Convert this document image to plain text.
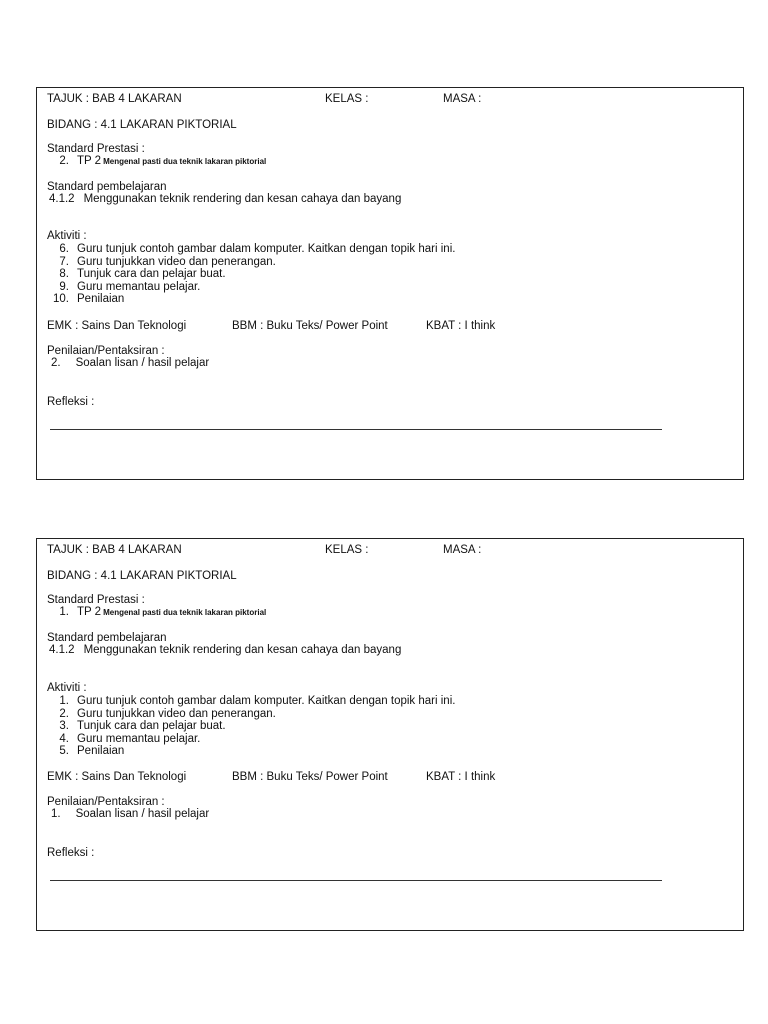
TAJUK : BAB 4 LAKARAN	KELAS :	MASA :
BIDANG : 4.1 LAKARAN PIKTORIAL
Standard Prestasi :
2. TP 2 Mengenal pasti dua teknik lakaran piktorial
Standard pembelajaran
4.1.2 Menggunakan teknik rendering dan kesan cahaya dan bayang
Aktiviti :
6. Guru tunjuk contoh gambar dalam komputer. Kaitkan dengan topik hari ini.
7. Guru tunjukkan video dan penerangan.
8. Tunjuk cara dan pelajar buat.
9. Guru memantau pelajar.
10. Penilaian
EMK : Sains Dan Teknologi	BBM : Buku Teks/ Power Point	KBAT : I think
Penilaian/Pentaksiran :
2. Soalan lisan / hasil pelajar
Refleksi :
TAJUK : BAB 4 LAKARAN	KELAS :	MASA :
BIDANG : 4.1 LAKARAN PIKTORIAL
Standard Prestasi :
1. TP 2 Mengenal pasti dua teknik lakaran piktorial
Standard pembelajaran
4.1.2 Menggunakan teknik rendering dan kesan cahaya dan bayang
Aktiviti :
1. Guru tunjuk contoh gambar dalam komputer. Kaitkan dengan topik hari ini.
2. Guru tunjukkan video dan penerangan.
3. Tunjuk cara dan pelajar buat.
4. Guru memantau pelajar.
5. Penilaian
EMK : Sains Dan Teknologi	BBM : Buku Teks/ Power Point	KBAT : I think
Penilaian/Pentaksiran :
1. Soalan lisan / hasil pelajar
Refleksi :
